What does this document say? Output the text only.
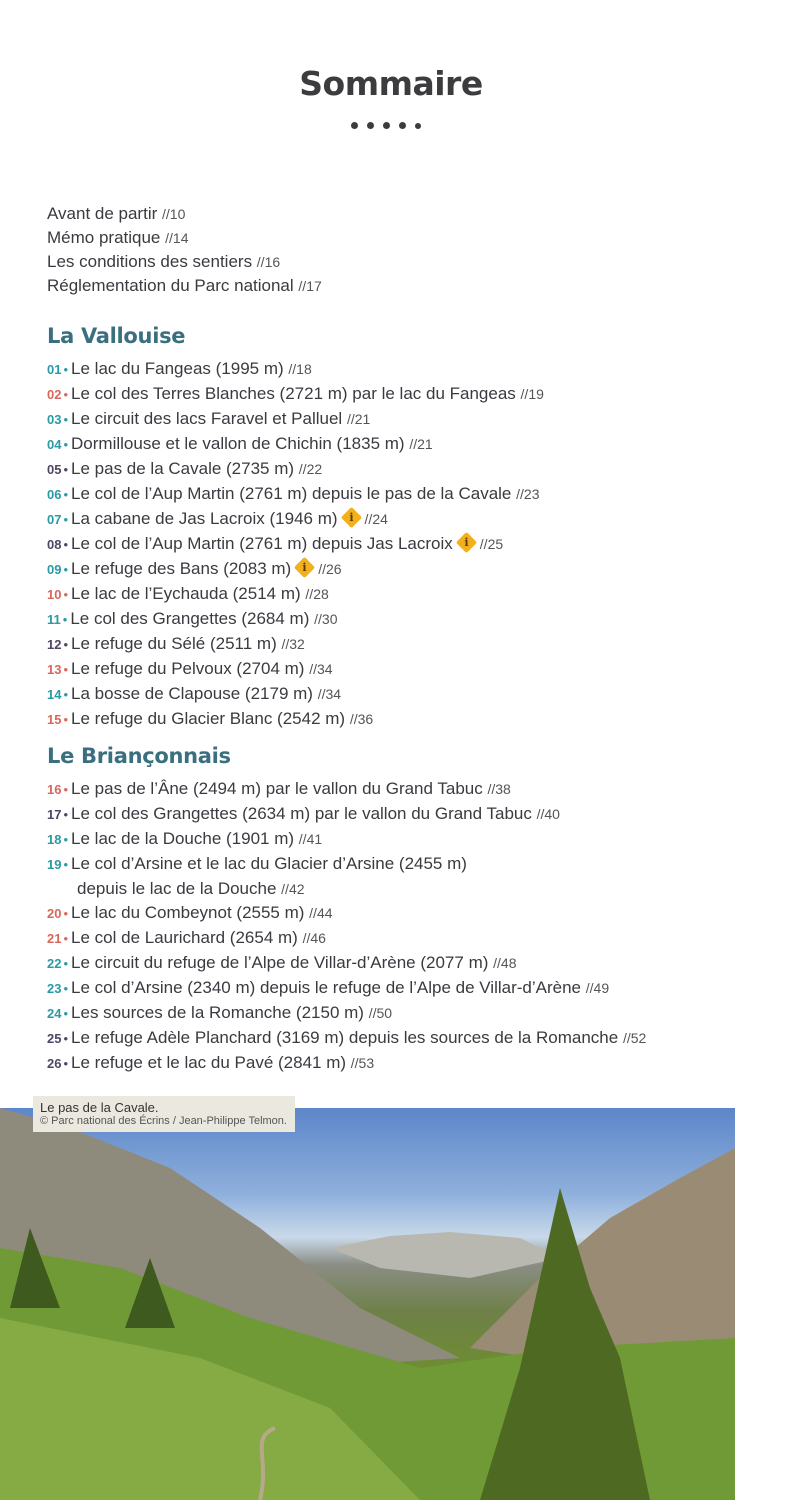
Sommaire
Avant de partir //10
Mémo pratique //14
Les conditions des sentiers //16
Réglementation du Parc national //17
La Vallouise
01 • Le lac du Fangeas (1995 m) //18
02 • Le col des Terres Blanches (2721 m) par le lac du Fangeas //19
03 • Le circuit des lacs Faravel et Palluel //21
04 • Dormillouse et le vallon de Chichin (1835 m) //21
05 • Le pas de la Cavale (2735 m) //22
06 • Le col de l’Aup Martin (2761 m) depuis le pas de la Cavale //23
07 • La cabane de Jas Lacroix (1946 m)	i //24
08 • Le col de l’Aup Martin (2761 m) depuis Jas Lacroix	i //25
09 • Le refuge des Bans (2083 m)	i //26
10 • Le lac de l’Eychauda (2514 m) //28
11 • Le col des Grangettes (2684 m) //30
12 • Le refuge du Sélé (2511 m) //32
13 • Le refuge du Pelvoux (2704 m) //34
14 • La bosse de Clapouse (2179 m) //34
15 • Le refuge du Glacier Blanc (2542 m) //36
Le Briançonnais
16 • Le pas de l’Âne (2494 m) par le vallon du Grand Tabuc //38
17 • Le col des Grangettes (2634 m) par le vallon du Grand Tabuc //40
18 • Le lac de la Douche (1901 m) //41
19 • Le col d’Arsine et le lac du Glacier d’Arsine (2455 m)
depuis le lac de la Douche //42
20 • Le lac du Combeynot (2555 m) //44
21 • Le col de Laurichard (2654 m) //46
22 • Le circuit du refuge de l’Alpe de Villar-d’Arène (2077 m) //48
23 • Le col d’Arsine (2340 m) depuis le refuge de l’Alpe de Villar-d’Arène //49
24 • Les sources de la Romanche (2150 m) //50
25 • Le refuge Adèle Planchard (3169 m) depuis les sources de la Romanche //52
26 • Le refuge et le lac du Pavé (2841 m) //53
Le pas de la Cavale.
© Parc national des Écrins / Jean-Philippe Telmon.
